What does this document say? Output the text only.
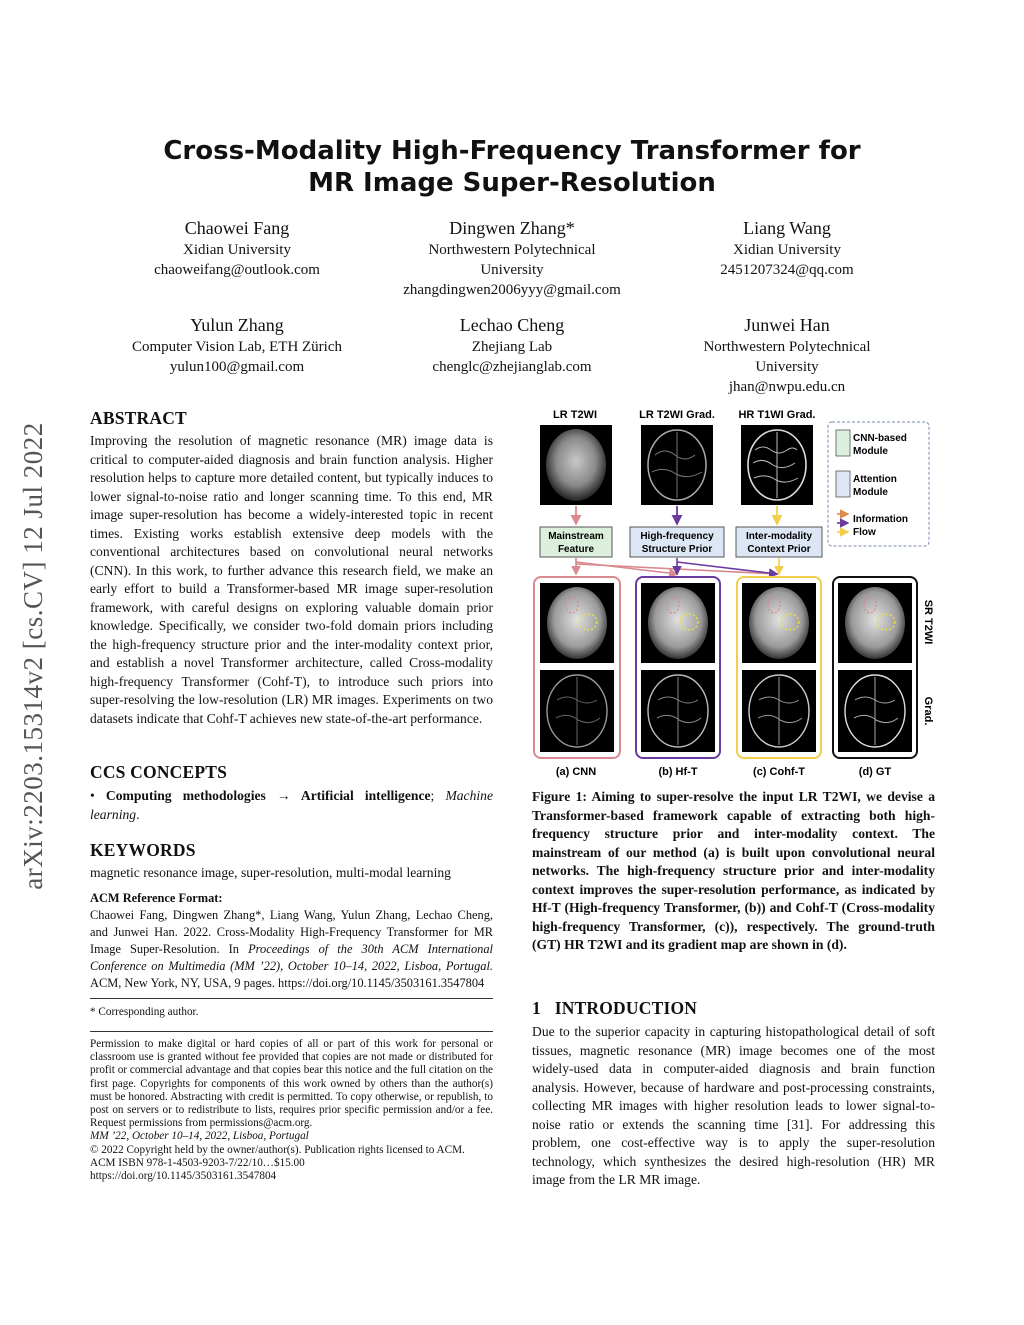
arXiv:2203.15314v2 [cs.CV] 12 Jul 2022
Cross-Modality High-Frequency Transformer for
MR Image Super-Resolution
Chaowei Fang
Xidian University
chaoweifang@outlook.com
Dingwen Zhang*
Northwestern Polytechnical
University
zhangdingwen2006yyy@gmail.com
Liang Wang
Xidian University
2451207324@qq.com
Yulun Zhang
Computer Vision Lab, ETH Zürich
yulun100@gmail.com
Lechao Cheng
Zhejiang Lab
chenglc@zhejianglab.com
Junwei Han
Northwestern Polytechnical
University
jhan@nwpu.edu.cn
ABSTRACT
Improving the resolution of magnetic resonance (MR) image data is critical to computer-aided diagnosis and brain function analysis. Higher resolution helps to capture more detailed content, but typically induces to lower signal-to-noise ratio and longer scanning time. To this end, MR image super-resolution has become a widely-interested topic in recent times. Existing works establish extensive deep models with the conventional architectures based on convolutional neural networks (CNN). In this work, to further advance this research field, we make an early effort to build a Transformer-based MR image super-resolution framework, with careful designs on exploring valuable domain prior knowledge. Specifically, we consider two-fold domain priors including the high-frequency structure prior and the inter-modality context prior, and establish a novel Transformer architecture, called Cross-modality high-frequency Transformer (Cohf-T), to introduce such priors into super-resolving the low-resolution (LR) MR images. Experiments on two datasets indicate that Cohf-T achieves new state-of-the-art performance.
CCS CONCEPTS
• Computing methodologies → Artificial intelligence; Machine learning.
KEYWORDS
magnetic resonance image, super-resolution, multi-modal learning
ACM Reference Format:
Chaowei Fang, Dingwen Zhang*, Liang Wang, Yulun Zhang, Lechao Cheng, and Junwei Han. 2022. Cross-Modality High-Frequency Transformer for MR Image Super-Resolution. In Proceedings of the 30th ACM International Conference on Multimedia (MM ’22), October 10–14, 2022, Lisboa, Portugal. ACM, New York, NY, USA, 9 pages. https://doi.org/10.1145/3503161.3547804
* Corresponding author.
Permission to make digital or hard copies of all or part of this work for personal or classroom use is granted without fee provided that copies are not made or distributed for profit or commercial advantage and that copies bear this notice and the full citation on the first page. Copyrights for components of this work owned by others than the author(s) must be honored. Abstracting with credit is permitted. To copy otherwise, or republish, to post on servers or to redistribute to lists, requires prior specific permission and/or a fee. Request permissions from permissions@acm.org.
MM ’22, October 10–14, 2022, Lisboa, Portugal
© 2022 Copyright held by the owner/author(s). Publication rights licensed to ACM.
ACM ISBN 978-1-4503-9203-7/22/10…$15.00
https://doi.org/10.1145/3503161.3547804
LR T2WI	LR T2WI Grad. HR T1WI Grad.
Mainstream
Feature
High-frequency
Structure Prior
Inter-modality
Context Prior
CNN-based
Module
Attention
Module
Information
Flow
SR T2WI
Grad.
(a) CNN	(b) Hf-T	(c) Cohf-T	(d) GT
Figure 1: Aiming to super-resolve the input LR T2WI, we devise a Transformer-based framework capable of extracting both high-frequency structure prior and inter-modality context. The mainstream of our method (a) is built upon convolutional neural networks. The high-frequency structure prior and inter-modality context improves the super-resolution performance, as indicated by Hf-T (High-frequency Transformer, (b)) and Cohf-T (Cross-modality high-frequency Transformer, (c)), respectively. The ground-truth (GT) HR T2WI and its gradient map are shown in (d).
1 INTRODUCTION
Due to the superior capacity in capturing histopathological detail of soft tissues, magnetic resonance (MR) image becomes one of the most widely-used data in computer-aided diagnosis and brain function analysis. However, because of hardware and post-processing constraints, collecting MR images with higher resolution leads to lower signal-to-noise ratio or extends the scanning time [31]. For addressing this problem, one cost-effective way is to apply the super-resolution technology, which synthesizes the desired high-resolution (HR) MR image from the LR MR image.
